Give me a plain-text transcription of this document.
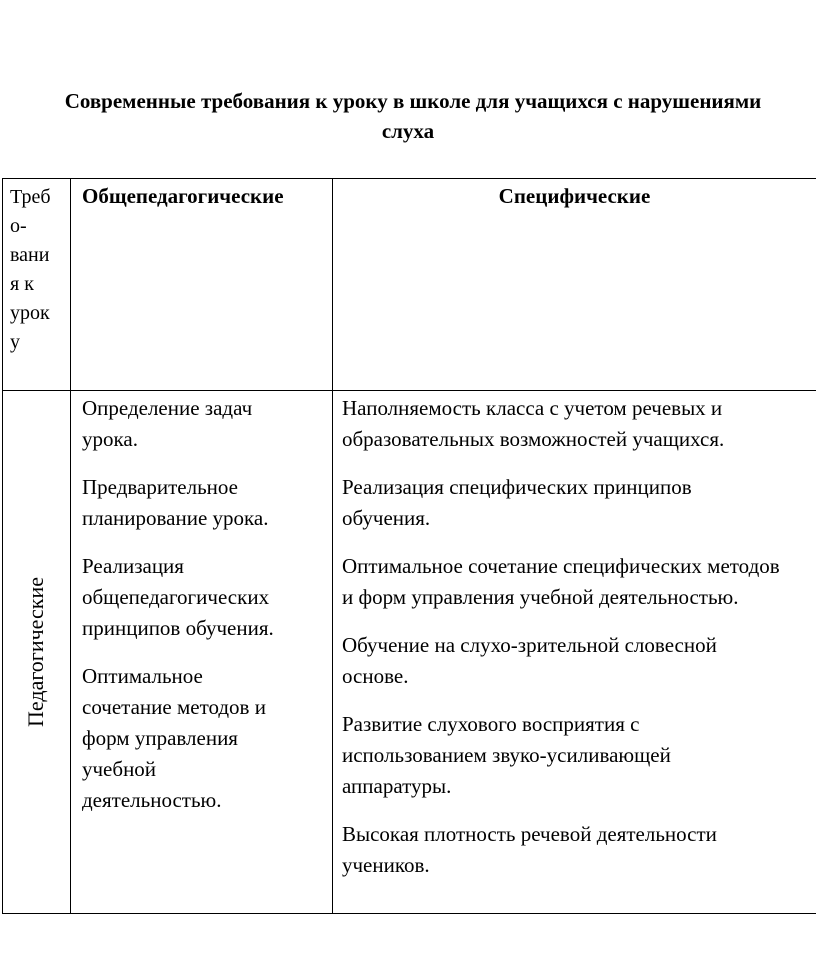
Современные требования к уроку в школе для учащихся с нарушениями
слуха
Треб
о-
вани
я к
урок
у
Общепедагогические	Специфические
Педагогические
Определение задач
урока.
Предварительное
планирование урока.
Реализация
общепедагогических
принципов обучения.
Оптимальное
сочетание методов и
форм управления
учебной
деятельностью.
Наполняемость класса с учетом речевых и
образовательных возможностей учащихся.
Реализация специфических принципов
обучения.
Оптимальное сочетание специфических методов
и форм управления учебной деятельностью.
Обучение на слухо-зрительной словесной
основе.
Развитие слухового восприятия с
использованием звуко-усиливающей
аппаратуры.
Высокая плотность речевой деятельности
учеников.
